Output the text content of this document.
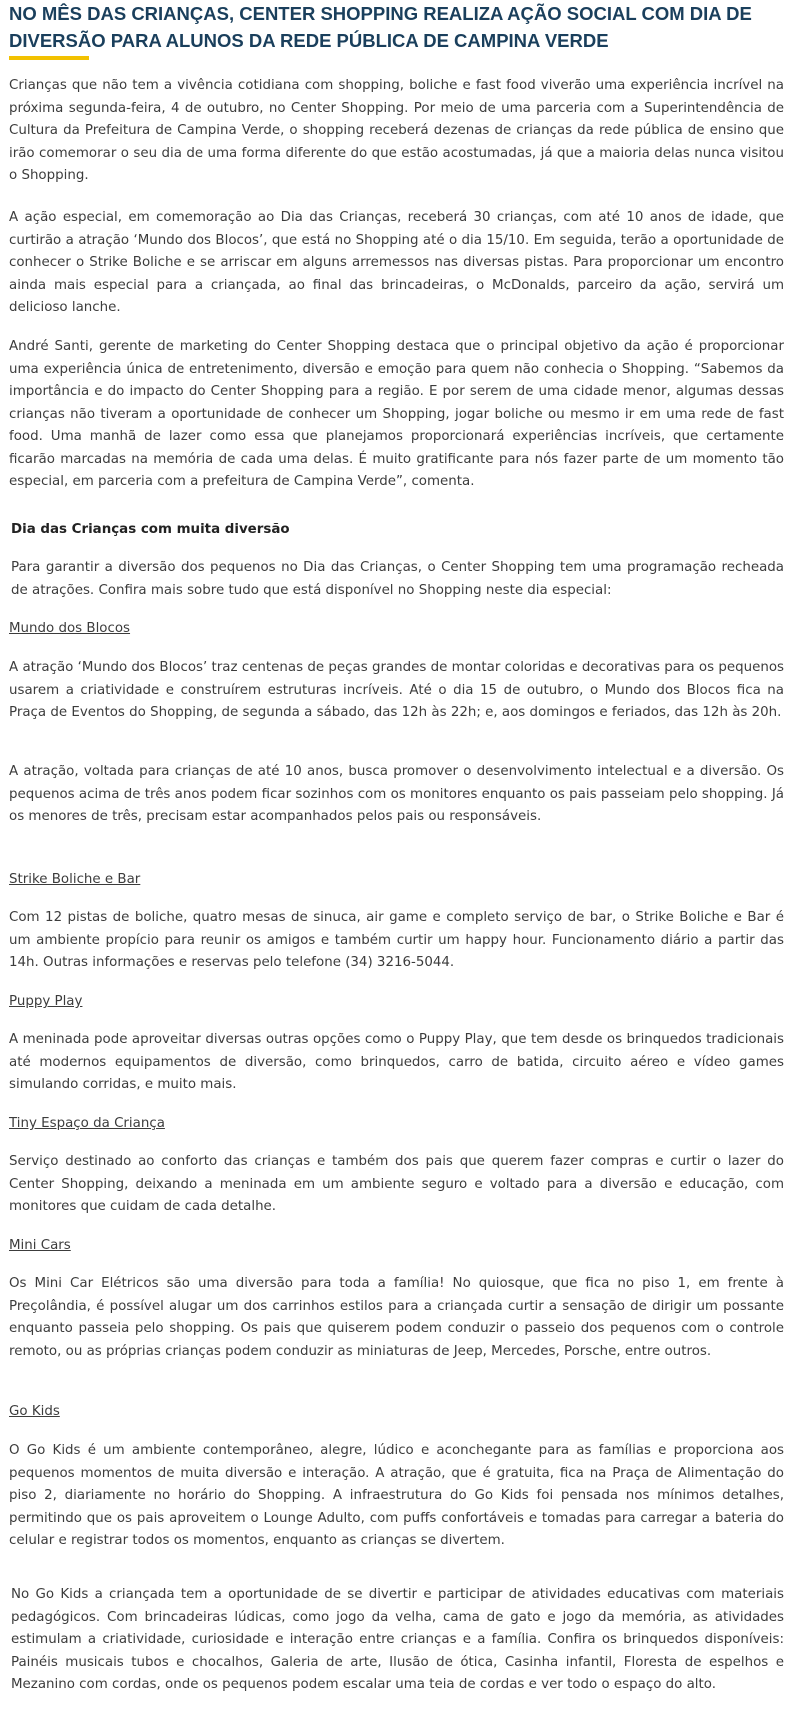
NO MÊS DAS CRIANÇAS, CENTER SHOPPING REALIZA AÇÃO SOCIAL COM DIA DE DIVERSÃO PARA ALUNOS DA REDE PÚBLICA DE CAMPINA VERDE

Crianças que não tem a vivência cotidiana com shopping, boliche e fast food viverão uma experiência incrível na próxima segunda-feira, 4 de outubro, no Center Shopping. Por meio de uma parceria com a Superintendência de Cultura da Prefeitura de Campina Verde, o shopping receberá dezenas de crianças da rede pública de ensino que irão comemorar o seu dia de uma forma diferente do que estão acostumadas, já que a maioria delas nunca visitou o Shopping.

A ação especial, em comemoração ao Dia das Crianças, receberá 30 crianças, com até 10 anos de idade, que curtirão a atração ‘Mundo dos Blocos’, que está no Shopping até o dia 15/10. Em seguida, terão a oportunidade de conhecer o Strike Boliche e se arriscar em alguns arremessos nas diversas pistas. Para proporcionar um encontro ainda mais especial para a criançada, ao final das brincadeiras, o McDonalds, parceiro da ação, servirá um delicioso lanche.

André Santi, gerente de marketing do Center Shopping destaca que o principal objetivo da ação é proporcionar uma experiência única de entretenimento, diversão e emoção para quem não conhecia o Shopping. “Sabemos da importância e do impacto do Center Shopping para a região. E por serem de uma cidade menor, algumas dessas crianças não tiveram a oportunidade de conhecer um Shopping, jogar boliche ou mesmo ir em uma rede de fast food. Uma manhã de lazer como essa que planejamos proporcionará experiências incríveis, que certamente ficarão marcadas na memória de cada uma delas. É muito gratificante para nós fazer parte de um momento tão especial, em parceria com a prefeitura de Campina Verde”, comenta.

Dia das Crianças com muita diversão

Para garantir a diversão dos pequenos no Dia das Crianças, o Center Shopping tem uma programação recheada de atrações. Confira mais sobre tudo que está disponível no Shopping neste dia especial:

Mundo dos Blocos

A atração ‘Mundo dos Blocos’ traz centenas de peças grandes de montar coloridas e decorativas para os pequenos usarem a criatividade e construírem estruturas incríveis. Até o dia 15 de outubro, o Mundo dos Blocos fica na Praça de Eventos do Shopping, de segunda a sábado, das 12h às 22h; e, aos domingos e feriados, das 12h às 20h.

A atração, voltada para crianças de até 10 anos, busca promover o desenvolvimento intelectual e a diversão. Os pequenos acima de três anos podem ficar sozinhos com os monitores enquanto os pais passeiam pelo shopping. Já os menores de três, precisam estar acompanhados pelos pais ou responsáveis.

Strike Boliche e Bar

Com 12 pistas de boliche, quatro mesas de sinuca, air game e completo serviço de bar, o Strike Boliche e Bar é um ambiente propício para reunir os amigos e também curtir um happy hour. Funcionamento diário a partir das 14h. Outras informações e reservas pelo telefone (34) 3216-5044.

Puppy Play

A meninada pode aproveitar diversas outras opções como o Puppy Play, que tem desde os brinquedos tradicionais até modernos equipamentos de diversão, como brinquedos, carro de batida, circuito aéreo e vídeo games simulando corridas, e muito mais.

Tiny Espaço da Criança

Serviço destinado ao conforto das crianças e também dos pais que querem fazer compras e curtir o lazer do Center Shopping, deixando a meninada em um ambiente seguro e voltado para a diversão e educação, com monitores que cuidam de cada detalhe.

Mini Cars

Os Mini Car Elétricos são uma diversão para toda a família! No quiosque, que fica no piso 1, em frente à Preçolândia, é possível alugar um dos carrinhos estilos para a criançada curtir a sensação de dirigir um possante enquanto passeia pelo shopping. Os pais que quiserem podem conduzir o passeio dos pequenos com o controle remoto, ou as próprias crianças podem conduzir as miniaturas de Jeep, Mercedes, Porsche, entre outros.

Go Kids

O Go Kids é um ambiente contemporâneo, alegre, lúdico e aconchegante para as famílias e proporciona aos pequenos momentos de muita diversão e interação. A atração, que é gratuita, fica na Praça de Alimentação do piso 2, diariamente no horário do Shopping. A infraestrutura do Go Kids foi pensada nos mínimos detalhes, permitindo que os pais aproveitem o Lounge Adulto, com puffs confortáveis e tomadas para carregar a bateria do celular e registrar todos os momentos, enquanto as crianças se divertem.

No Go Kids a criançada tem a oportunidade de se divertir e participar de atividades educativas com materiais pedagógicos. Com brincadeiras lúdicas, como jogo da velha, cama de gato e jogo da memória, as atividades estimulam a criatividade, curiosidade e interação entre crianças e a família. Confira os brinquedos disponíveis: Painéis musicais tubos e chocalhos, Galeria de arte, Ilusão de ótica, Casinha infantil, Floresta de espelhos e Mezanino com cordas, onde os pequenos podem escalar uma teia de cordas e ver todo o espaço do alto.
